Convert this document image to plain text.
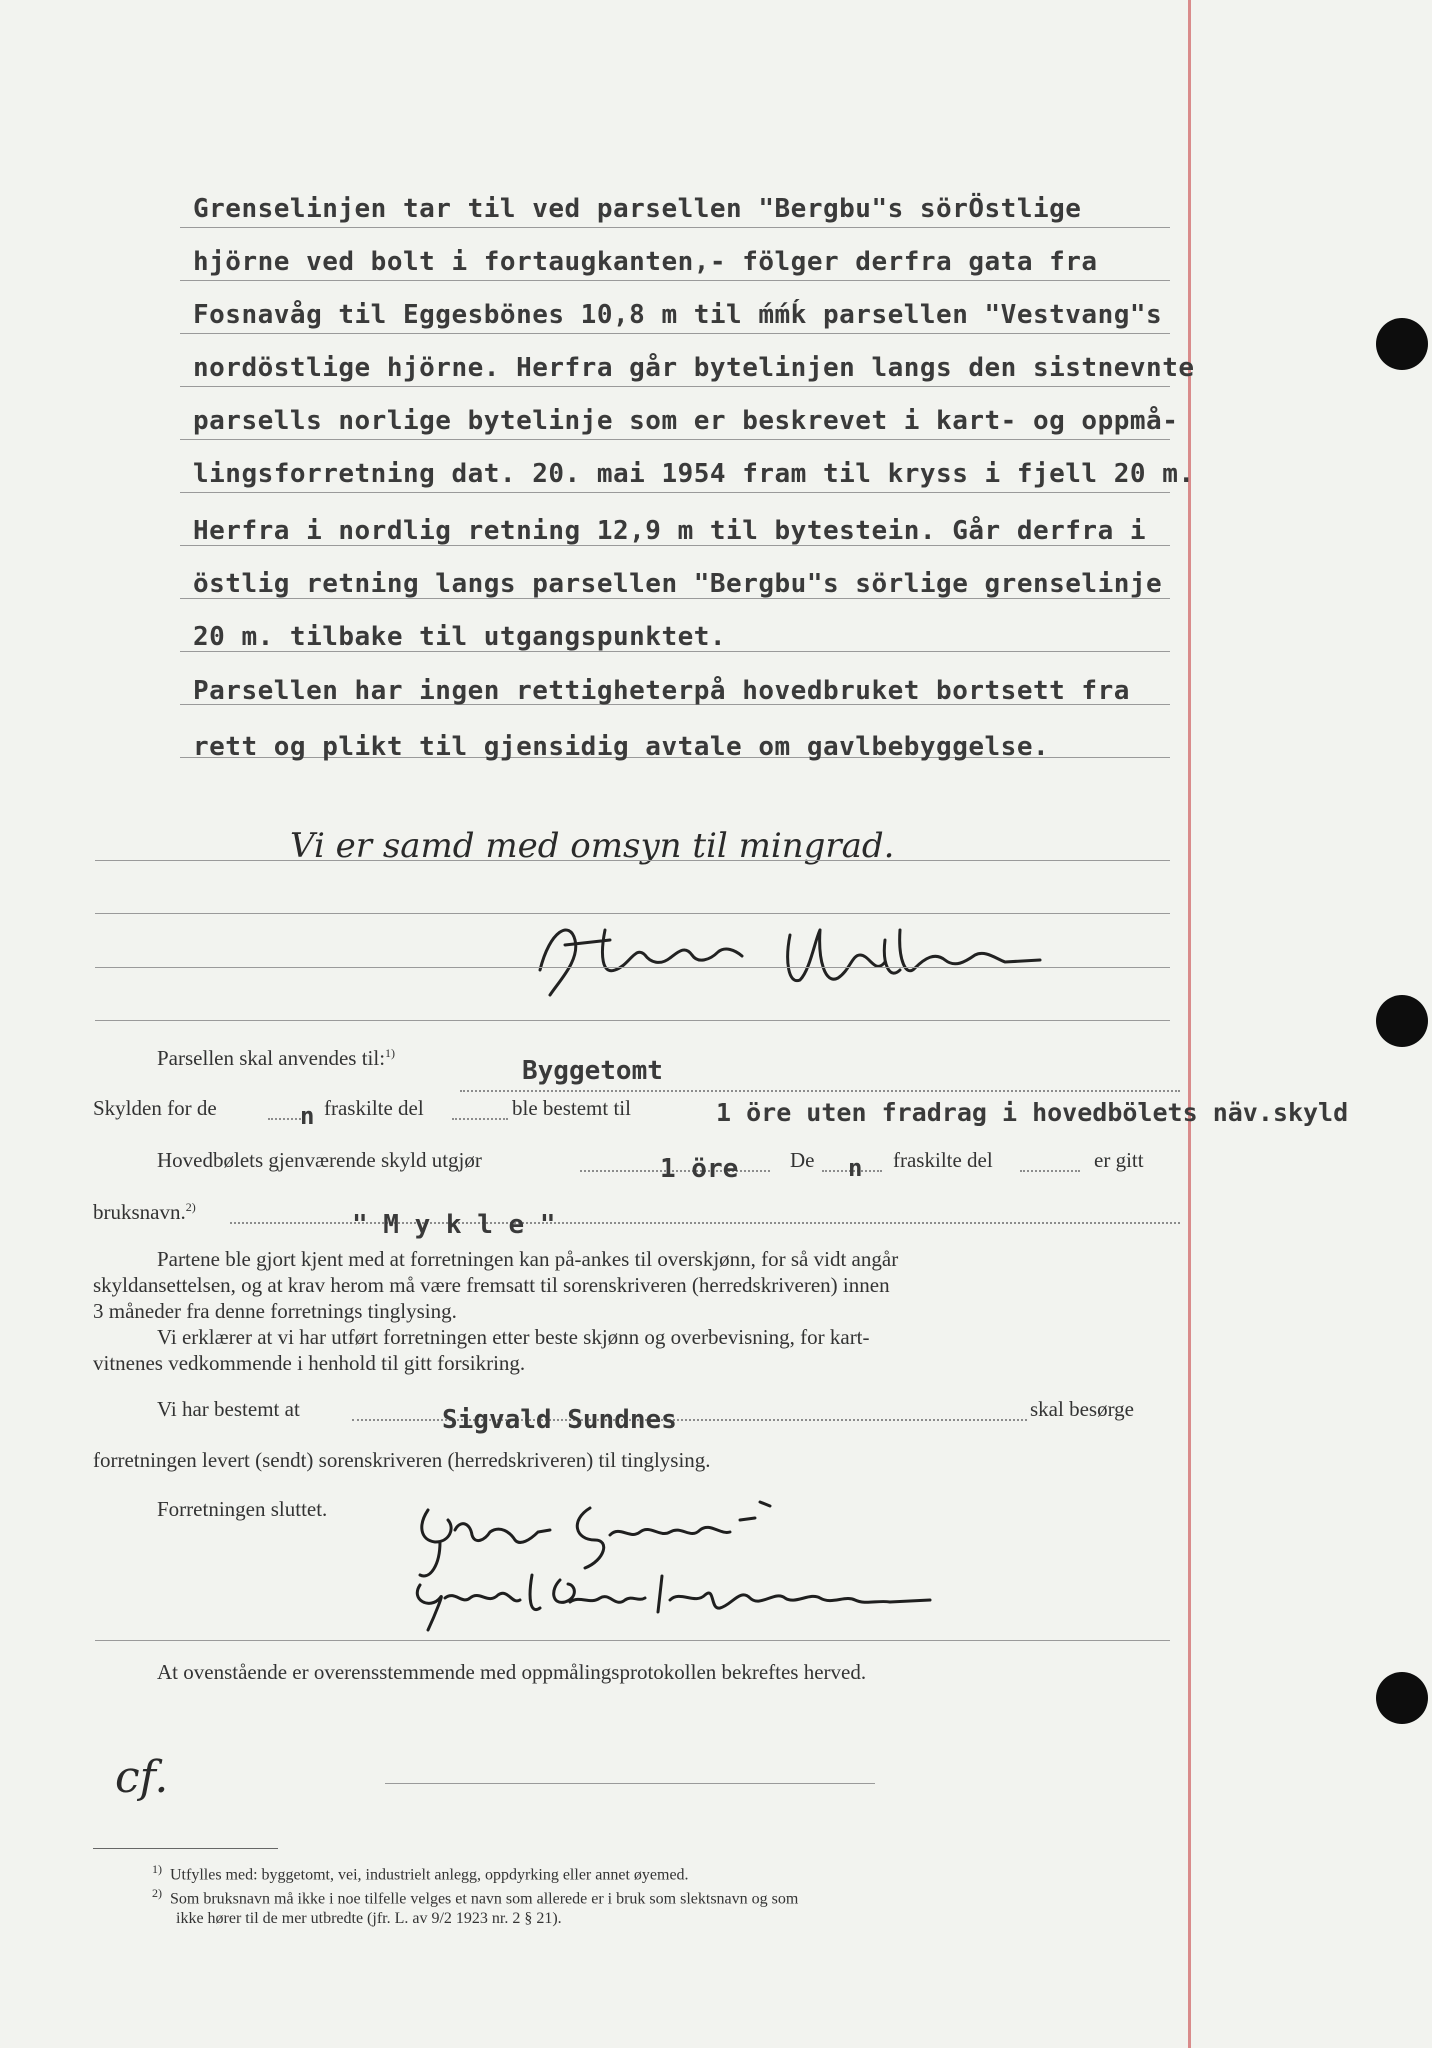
Grenselinjen tar til ved parsellen "Bergbu"s sörÖstlige
hjörne ved bolt i fortaugkanten,- fölger derfra gata fra
Fosnavåg til Eggesbönes 10,8 m til ḿḿḱ parsellen "Vestvang"s
nordöstlige hjörne. Herfra går bytelinjen langs den sistnevnte
parsells norlige bytelinje som er beskrevet i kart- og oppmå-
lingsforretning dat. 20. mai 1954 fram til kryss i fjell 20 m.
Herfra i nordlig retning 12,9 m til bytestein. Går derfra i
östlig retning langs parsellen "Bergbu"s sörlige grenselinje
20 m. tilbake til utgangspunktet.
Parsellen har ingen rettigheterpå hovedbruket bortsett fra
rett og plikt til gjensidig avtale om gavlbebyggelse.
Vi er samd med omsyn til mingrad.
Parsellen skal anvendes til:$^{1)}$
Byggetomt
Skylden for de	n fraskilte del	ble bestemt til	1 öre uten fradrag i hovedbölets näv.skyld
Hovedbølets gjenværende skyld utgjør	1 öre De n fraskilte del	er gitt
bruksnavn.$^{2)}$
" M y k l e "
Partene ble gjort kjent med at forretningen kan på-ankes til overskjønn, for så vidt angår
skyldansettelsen, og at krav herom må være fremsatt til sorenskriveren (herredskriveren) innen
3 måneder fra denne forretnings tinglysing.
Vi erklærer at vi har utført forretningen etter beste skjønn og overbevisning, for kart-
vitnenes vedkommende i henhold til gitt forsikring.
Vi har bestemt at	Sigvald Sundnes	skal besørge
forretningen levert (sendt) sorenskriveren (herredskriveren) til tinglysing.
Forretningen sluttet.
At ovenstående er overensstemmende med oppmålingsprotokollen bekreftes herved.
cf.
$^{1)}$ Utfylles med: byggetomt, vei, industrielt anlegg, oppdyrking eller annet øyemed.
$^{2)}$ Som bruksnavn må ikke i noe tilfelle velges et navn som allerede er i bruk som slektsnavn og som
ikke hører til de mer utbredte (jfr. L. av 9/2 1923 nr. 2 § 21).
